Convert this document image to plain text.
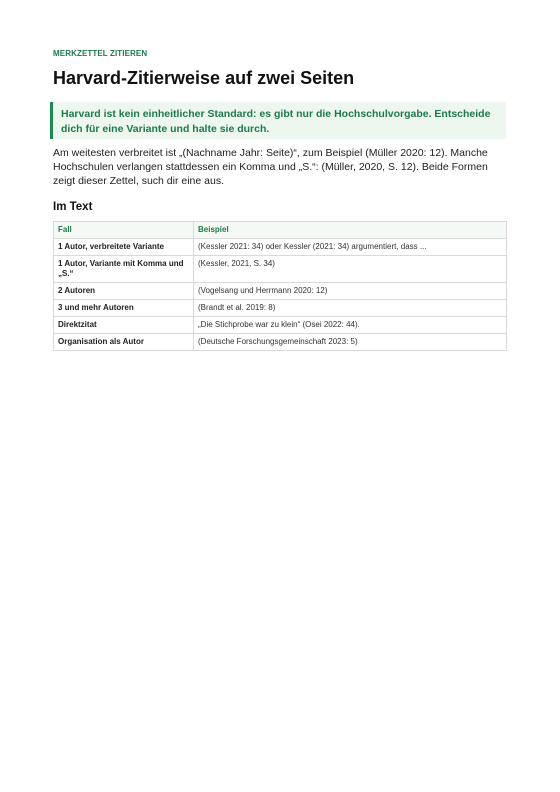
MERKZETTEL ZITIEREN
Harvard-Zitierweise auf zwei Seiten
Harvard ist kein einheitlicher Standard: es gibt nur die Hochschulvorgabe. Entscheide dich für eine Variante und halte sie durch.

Am weitesten verbreitet ist „(Nachname Jahr: Seite)“, zum Beispiel (Müller 2020: 12). Manche Hochschulen verlangen stattdessen ein Komma und „S.“: (Müller, 2020, S. 12). Beide Formen zeigt dieser Zettel, such dir eine aus.

Im Text
Fall	Beispiel
1 Autor, verbreitete Variante	(Kessler 2021: 34) oder Kessler (2021: 34) argumentiert, dass ...
1 Autor, Variante mit Komma und „S.“	(Kessler, 2021, S. 34)
2 Autoren	(Vogelsang und Herrmann 2020: 12)
3 und mehr Autoren	(Brandt et al. 2019: 8)
Direktzitat	„Die Stichprobe war zu klein“ (Osei 2022: 44).
Organisation als Autor	(Deutsche Forschungsgemeinschaft 2023: 5)
